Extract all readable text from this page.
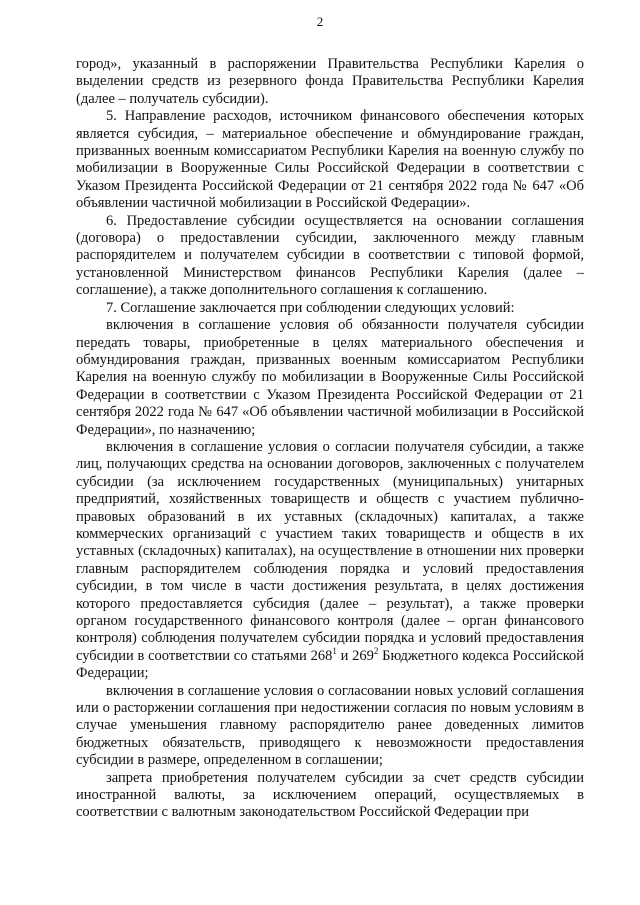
2

город», указанный в распоряжении Правительства Республики Карелия о выделении средств из резервного фонда Правительства Республики Карелия (далее – получатель субсидии).

5. Направление расходов, источником финансового обеспечения которых является субсидия, – материальное обеспечение и обмундирование граждан, призванных военным комиссариатом Республики Карелия на военную службу по мобилизации в Вооруженные Силы Российской Федерации в соответствии с Указом Президента Российской Федерации от 21 сентября 2022 года № 647 «Об объявлении частичной мобилизации в Российской Федерации».

6. Предоставление субсидии осуществляется на основании соглашения (договора) о предоставлении субсидии, заключенного между главным распорядителем и получателем субсидии в соответствии с типовой формой, установленной Министерством финансов Республики Карелия (далее – соглашение), а также дополнительного соглашения к соглашению.

7. Соглашение заключается при соблюдении следующих условий:

включения в соглашение условия об обязанности получателя субсидии передать товары, приобретенные в целях материального обеспечения и обмундирования граждан, призванных военным комиссариатом Республики Карелия на военную службу по мобилизации в Вооруженные Силы Российской Федерации в соответствии с Указом Президента Российской Федерации от 21 сентября 2022 года № 647 «Об объявлении частичной мобилизации в Российской Федерации», по назначению;

включения в соглашение условия о согласии получателя субсидии, а также лиц, получающих средства на основании договоров, заключенных с получателем субсидии (за исключением государственных (муниципальных) унитарных предприятий, хозяйственных товариществ и обществ с участием публично-правовых образований в их уставных (складочных) капиталах, а также коммерческих организаций с участием таких товариществ и обществ в их уставных (складочных) капиталах), на осуществление в отношении них проверки главным распорядителем соблюдения порядка и условий предоставления субсидии, в том числе в части достижения результата, в целях достижения которого предоставляется субсидия (далее – результат), а также проверки органом государственного финансового контроля (далее – орган финансового контроля) соблюдения получателем субсидии порядка и условий предоставления субсидии в соответствии со статьями $268^1$ и $269^2$ Бюджетного кодекса Российской Федерации;

включения в соглашение условия о согласовании новых условий соглашения или о расторжении соглашения при недостижении согласия по новым условиям в случае уменьшения главному распорядителю ранее доведенных лимитов бюджетных обязательств, приводящего к невозможности предоставления субсидии в размере, определенном в соглашении;

запрета приобретения получателем субсидии за счет средств субсидии иностранной валюты, за исключением операций, осуществляемых в соответствии с валютным законодательством Российской Федерации при
